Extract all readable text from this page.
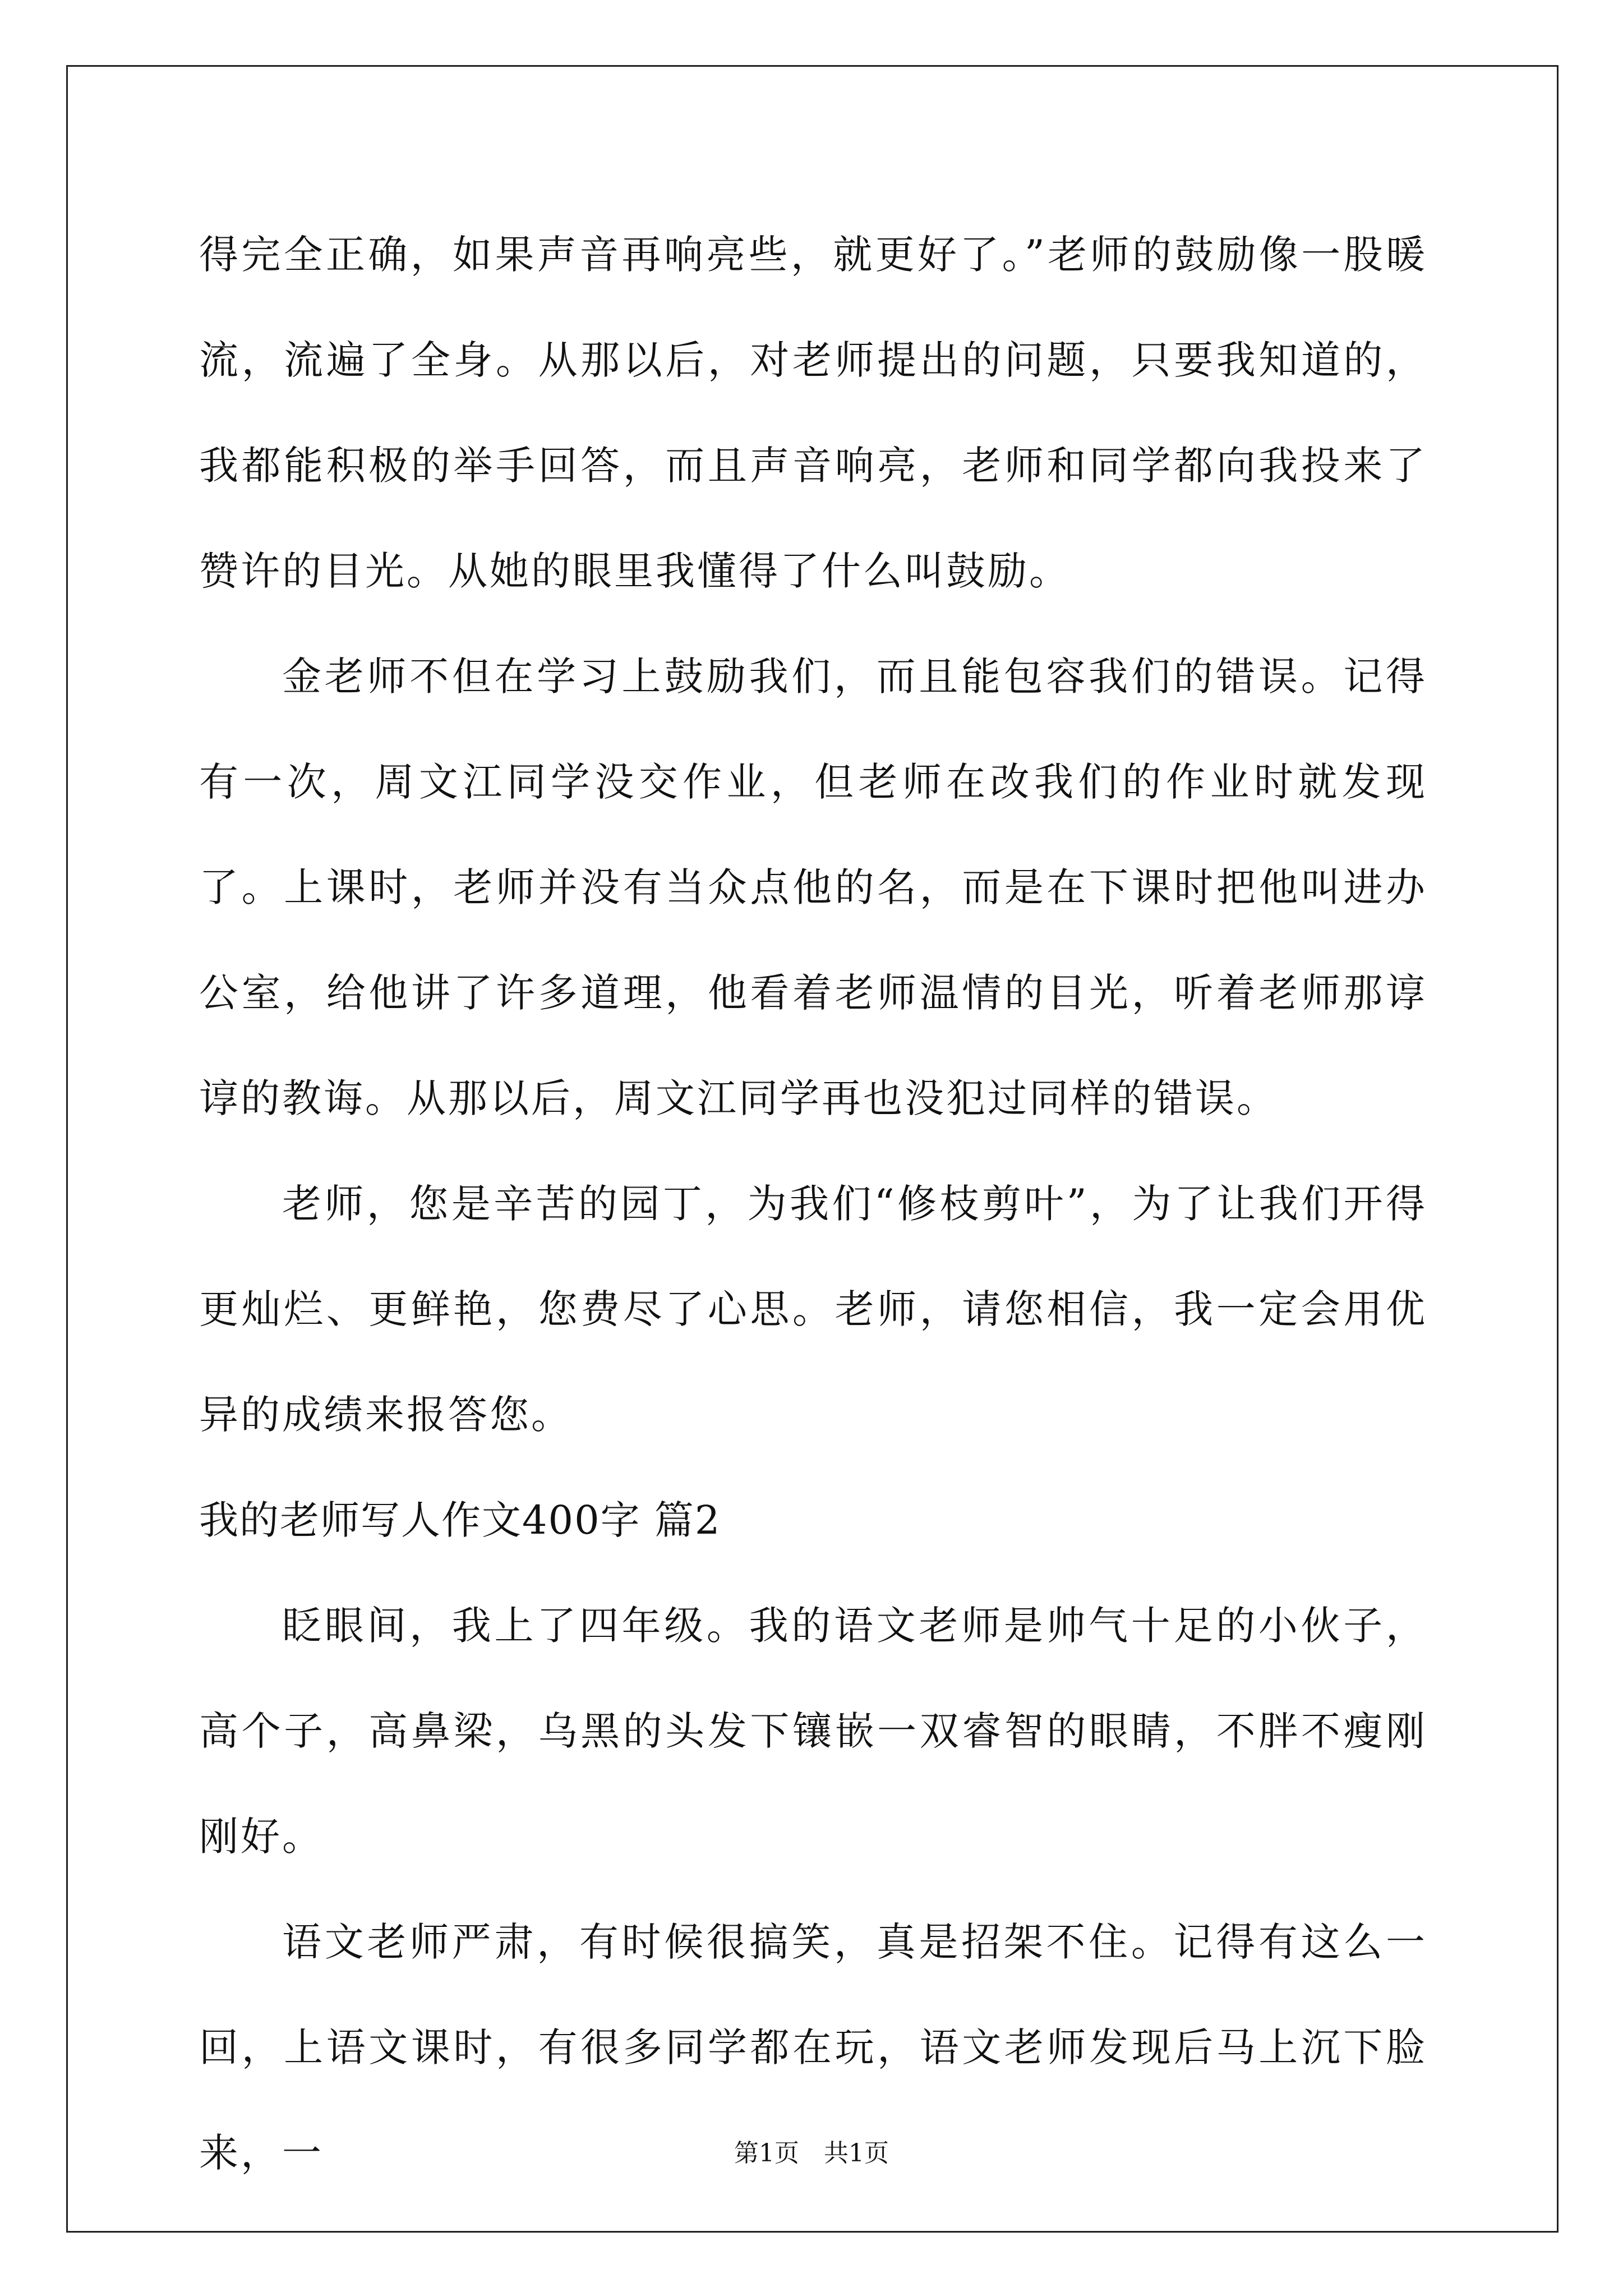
得完全正确，如果声音再响亮些，就更好了。”老师的鼓励像一股暖流，流遍了全身。从那以后，对老师提出的问题，只要我知道的，我都能积极的举手回答，而且声音响亮，老师和同学都向我投来了赞许的目光。从她的眼里我懂得了什么叫鼓励。

金老师不但在学习上鼓励我们，而且能包容我们的错误。记得有一次，周文江同学没交作业，但老师在改我们的作业时就发现了。上课时，老师并没有当众点他的名，而是在下课时把他叫进办公室，给他讲了许多道理，他看着老师温情的目光，听着老师那谆谆的教诲。从那以后，周文江同学再也没犯过同样的错误。

老师，您是辛苦的园丁，为我们“修枝剪叶”，为了让我们开得更灿烂、更鲜艳，您费尽了心思。老师，请您相信，我一定会用优异的成绩来报答您。

我的老师写人作文400字 篇2

眨眼间，我上了四年级。我的语文老师是帅气十足的小伙子，高个子，高鼻梁，乌黑的头发下镶嵌一双睿智的眼睛，不胖不瘦刚刚好。

语文老师严肃，有时候很搞笑，真是招架不住。记得有这么一回，上语文课时，有很多同学都在玩，语文老师发现后马上沉下脸来，一	第1页　共1页
